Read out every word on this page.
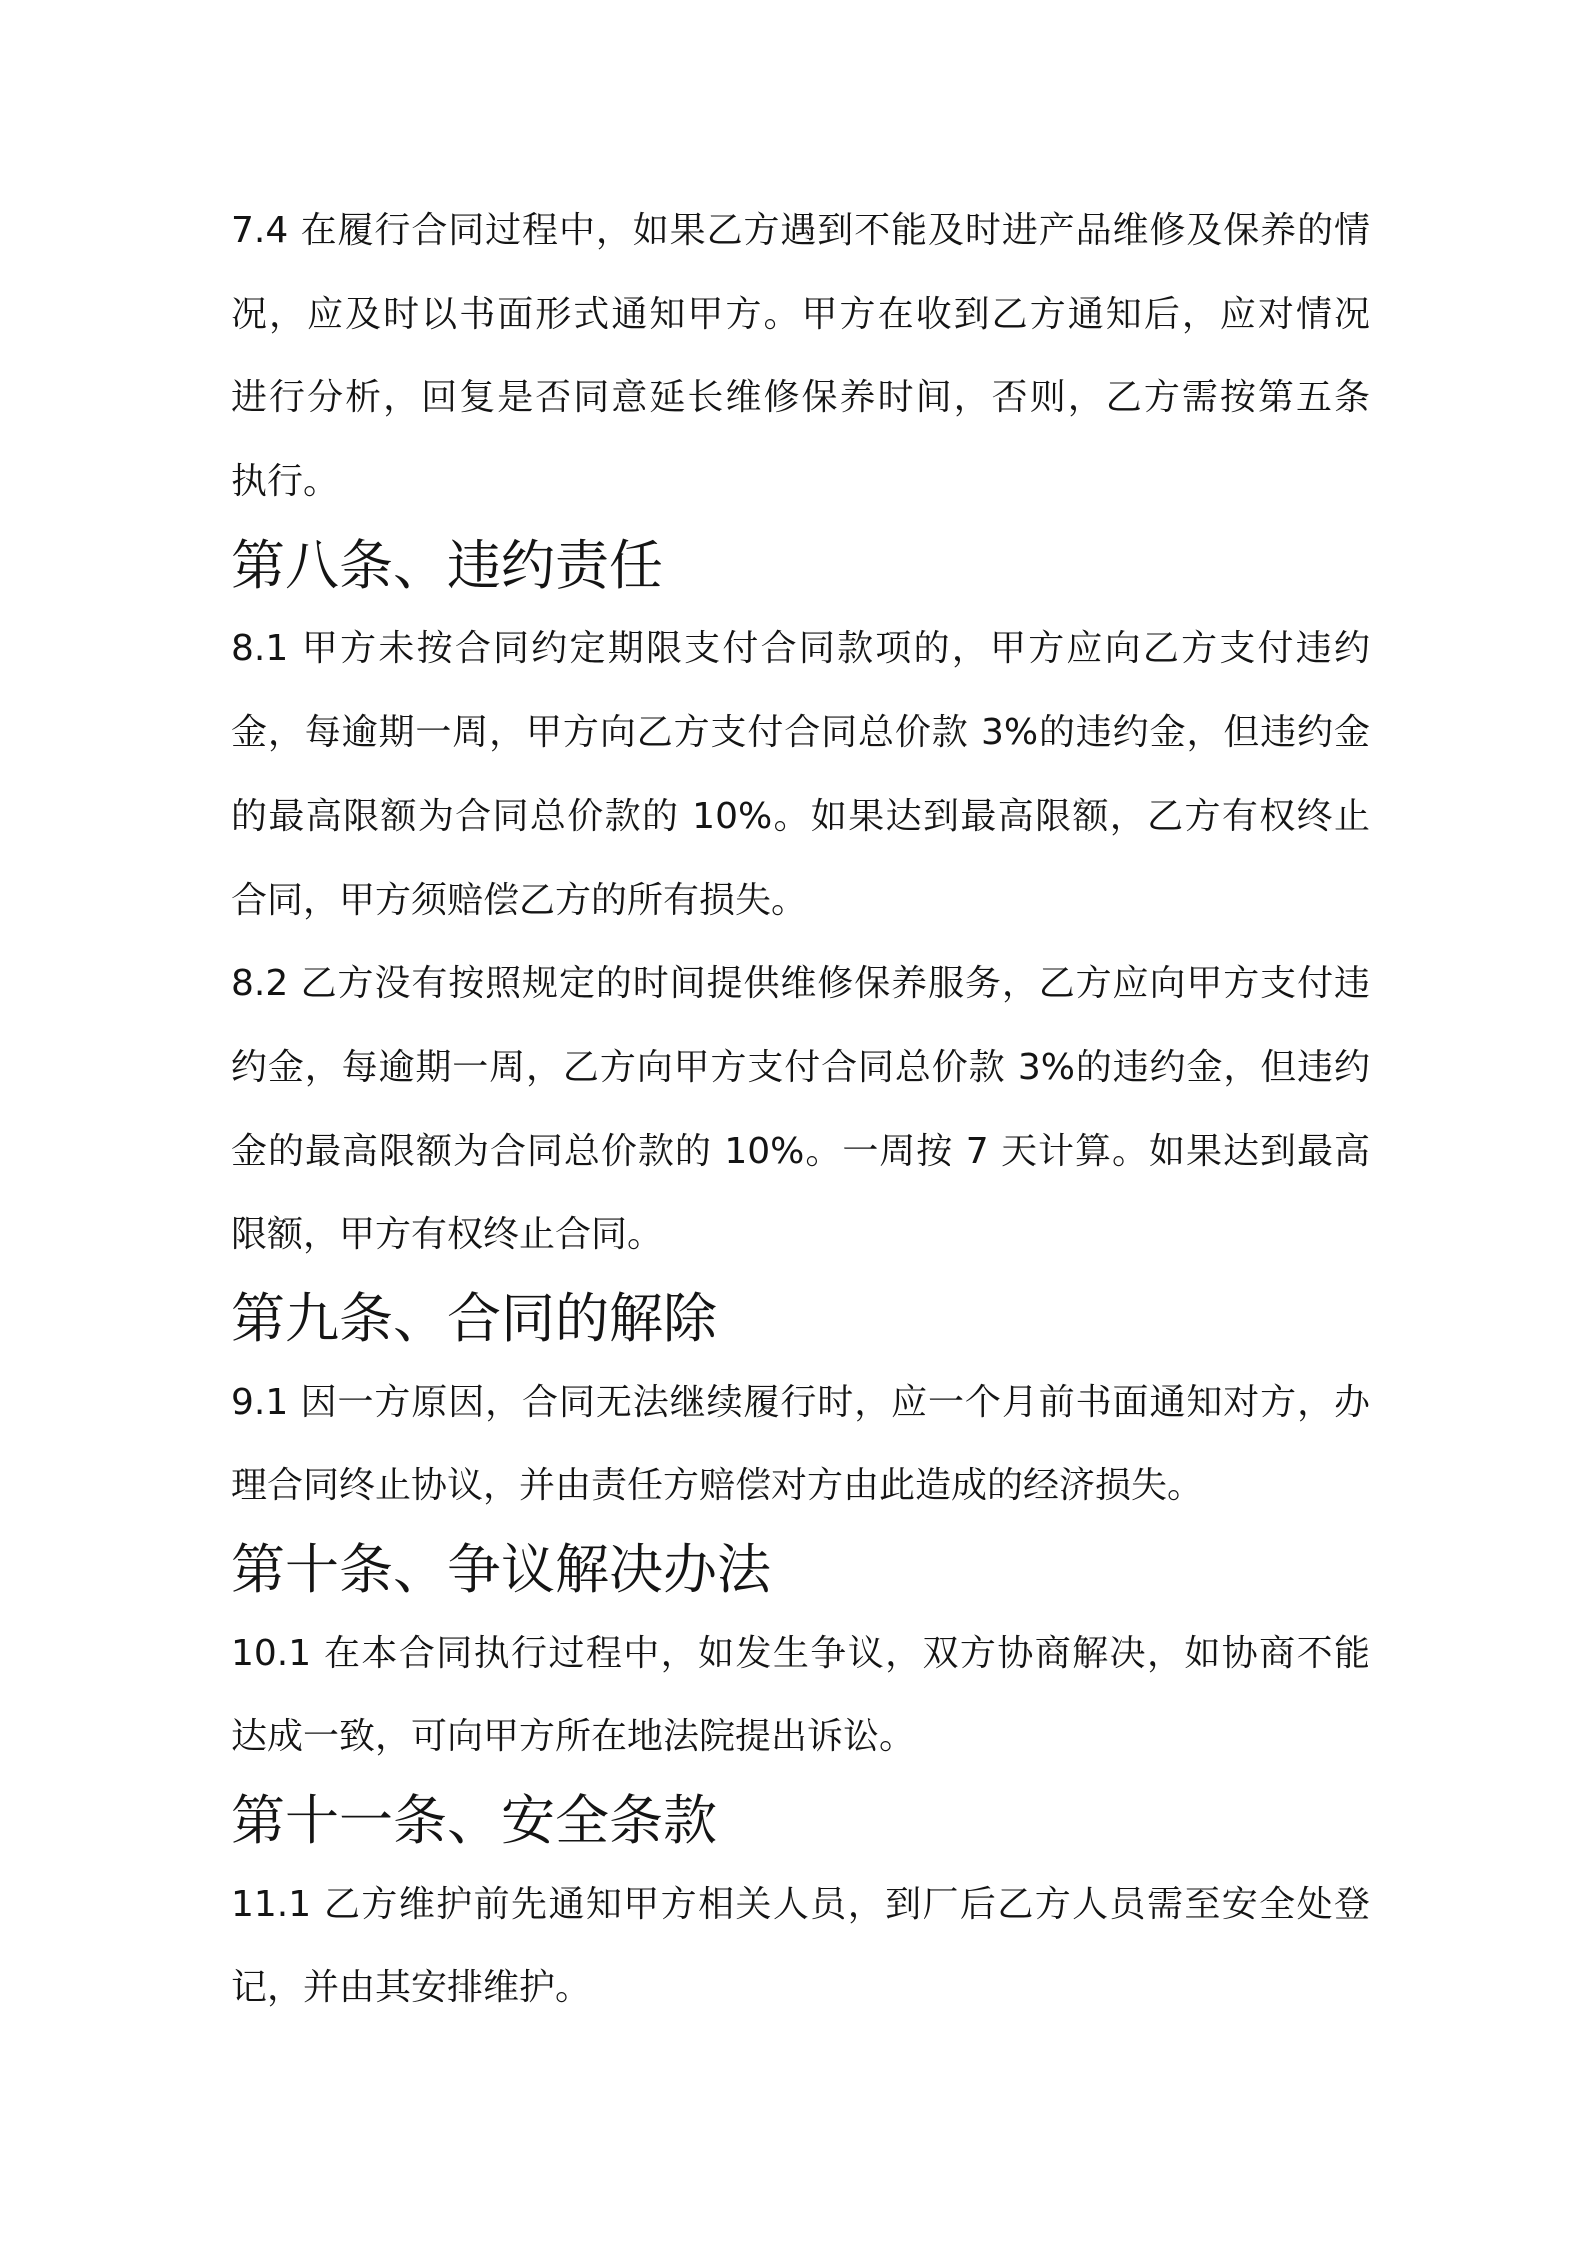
7.4 在履行合同过程中，如果乙方遇到不能及时进产品维修及保养的情
况，应及时以书面形式通知甲方。甲方在收到乙方通知后，应对情况
进行分析，回复是否同意延长维修保养时间，否则，乙方需按第五条
执行。

第八条、违约责任

8.1 甲方未按合同约定期限支付合同款项的，甲方应向乙方支付违约
金，每逾期一周，甲方向乙方支付合同总价款 3%的违约金，但违约金
的最高限额为合同总价款的 10%。如果达到最高限额，乙方有权终止
合同，甲方须赔偿乙方的所有损失。

8.2 乙方没有按照规定的时间提供维修保养服务，乙方应向甲方支付违
约金，每逾期一周，乙方向甲方支付合同总价款 3%的违约金，但违约
金的最高限额为合同总价款的 10%。一周按 7 天计算。如果达到最高
限额，甲方有权终止合同。

第九条、合同的解除

9.1 因一方原因，合同无法继续履行时，应一个月前书面通知对方，办
理合同终止协议，并由责任方赔偿对方由此造成的经济损失。

第十条、争议解决办法

10.1 在本合同执行过程中，如发生争议，双方协商解决，如协商不能
达成一致，可向甲方所在地法院提出诉讼。

第十一条、安全条款

11.1 乙方维护前先通知甲方相关人员，到厂后乙方人员需至安全处登
记，并由其安排维护。
